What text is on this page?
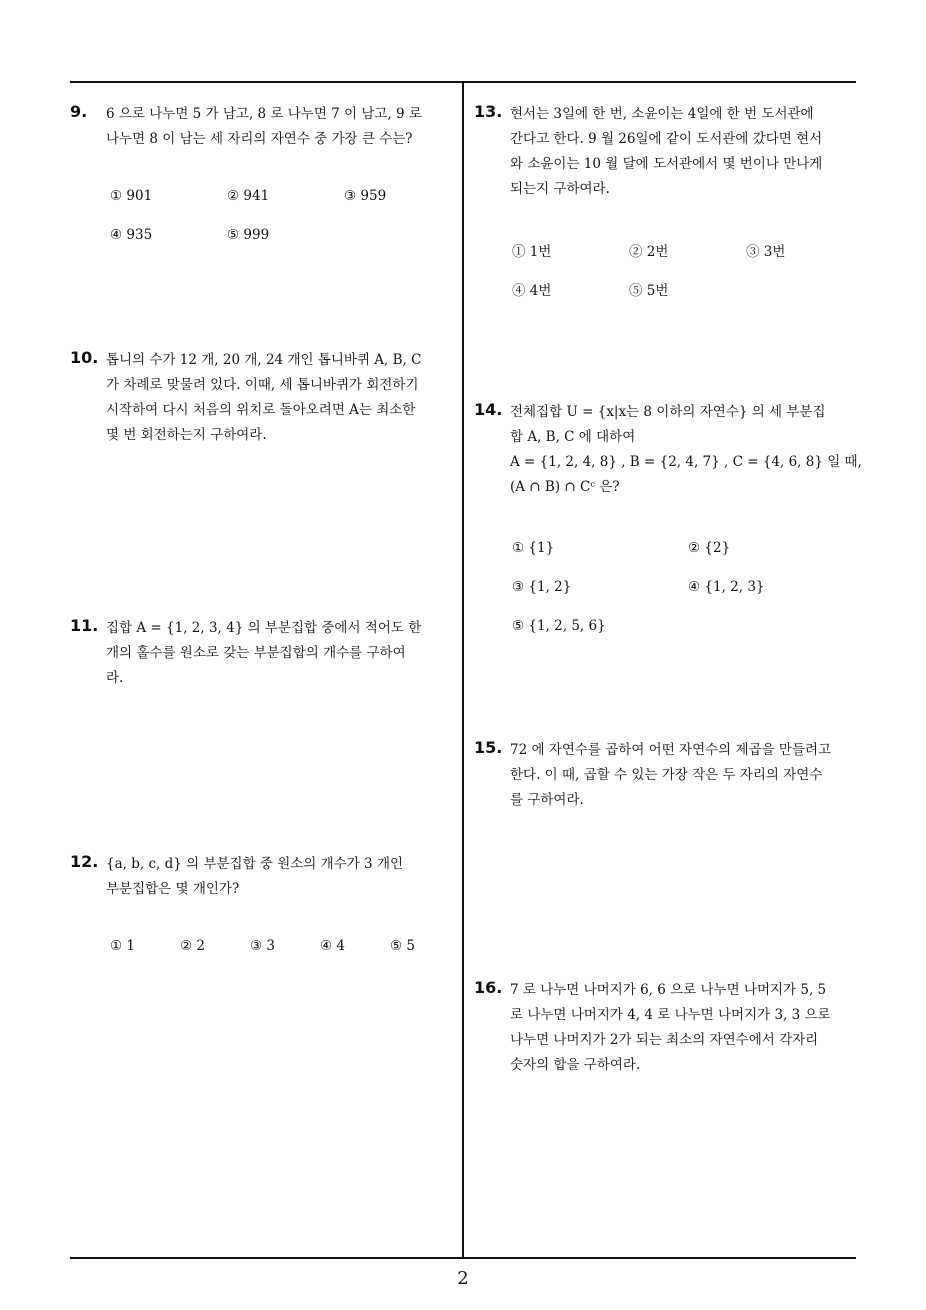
9. 6 으로 나누면 5 가 남고, 8 로 나누면 7 이 남고, 9 로
나누면 8 이 남는 세 자리의 자연수 중 가장 큰 수는?
① 901	② 941	③ 959
④ 935	⑤ 999
10. 톱니의 수가 12 개, 20 개, 24 개인 톱니바퀴 A, B, C
가 차례로 맞물려 있다. 이때, 세 톱니바퀴가 회전하기
시작하여 다시 처음의 위치로 돌아오려면 A는 최소한
몇 번 회전하는지 구하여라.
11. 집합 A = {1, 2, 3, 4} 의 부분집합 중에서 적어도 한
개의 홀수를 원소로 갖는 부분집합의 개수를 구하여
라.
12. {a, b, c, d} 의 부분집합 중 원소의 개수가 3 개인
부분집합은 몇 개인가?
① 1	② 2	③ 3	④ 4	⑤ 5
13. 현서는 3일에 한 번, 소윤이는 4일에 한 번 도서관에
간다고 한다. 9 월 26일에 같이 도서관에 갔다면 현서
와 소윤이는 10 월 달에 도서관에서 몇 번이나 만나게
되는지 구하여라.
① 1번	② 2번	③ 3번
④ 4번	⑤ 5번
14. 전체집합 U = {x|x는 8 이하의 자연수} 의 세 부분집
합 A, B, C 에 대하여
A = {1, 2, 4, 8} , B = {2, 4, 7} , C = {4, 6, 8} 일 때,
(A ∩ B) ∩ Cᶜ 은?
① {1}	② {2}
③ {1, 2}	④ {1, 2, 3}
⑤ {1, 2, 5, 6}
15. 72 에 자연수를 곱하여 어떤 자연수의 제곱을 만들려고
한다. 이 때, 곱할 수 있는 가장 작은 두 자리의 자연수
를 구하여라.
16. 7 로 나누면 나머지가 6, 6 으로 나누면 나머지가 5, 5
로 나누면 나머지가 4, 4 로 나누면 나머지가 3, 3 으로
나누면 나머지가 2가 되는 최소의 자연수에서 각자리
숫자의 합을 구하여라.
2
